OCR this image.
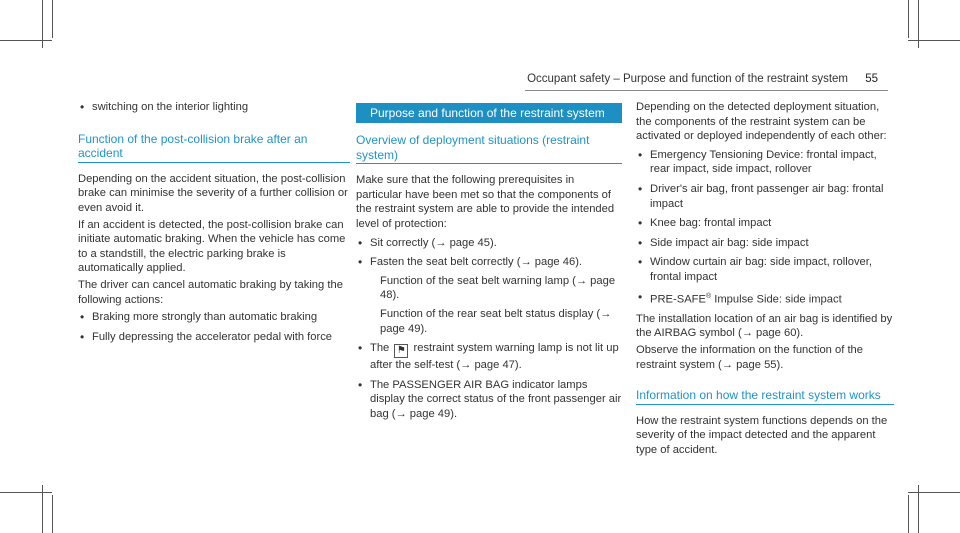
Occupant safety – Purpose and function of the restraint system 55
• switching on the interior lighting
Function of the post-collision brake after an accident

Depending on the accident situation, the post-collision brake can minimise the severity of a further collision or even avoid it.

If an accident is detected, the post-collision brake can initiate automatic braking. When the vehicle has come to a standstill, the electric parking brake is automatically applied.

The driver can cancel automatic braking by taking the following actions:

• Braking more strongly than automatic braking
• Fully depressing the accelerator pedal with force
Purpose and function of the restraint system
Overview of deployment situations (restraint system)

Make sure that the following prerequisites in particular have been met so that the components of the restraint system are able to provide the intended level of protection:

• Sit correctly (→ page 45).
• Fasten the seat belt correctly (→ page 46).
- Function of the seat belt warning lamp (→ page 48).
- Function of the rear seat belt status display (→ page 49).
• The ⚑ restraint system warning lamp is not lit up after the self-test (→ page 47).
• The PASSENGER AIR BAG indicator lamps display the correct status of the front passenger air bag (→ page 49).

Depending on the detected deployment situation, the components of the restraint system can be activated or deployed independently of each other:

• Emergency Tensioning Device: frontal impact, rear impact, side impact, rollover
• Driver's air bag, front passenger air bag: frontal impact
• Knee bag: frontal impact
• Side impact air bag: side impact
• Window curtain air bag: side impact, rollover, frontal impact
• PRE-SAFE® Impulse Side: side impact

The installation location of an air bag is identified by the AIRBAG symbol (→ page 60).

Observe the information on the function of the restraint system (→ page 55).

Information on how the restraint system works

How the restraint system functions depends on the severity of the impact detected and the apparent type of accident.
